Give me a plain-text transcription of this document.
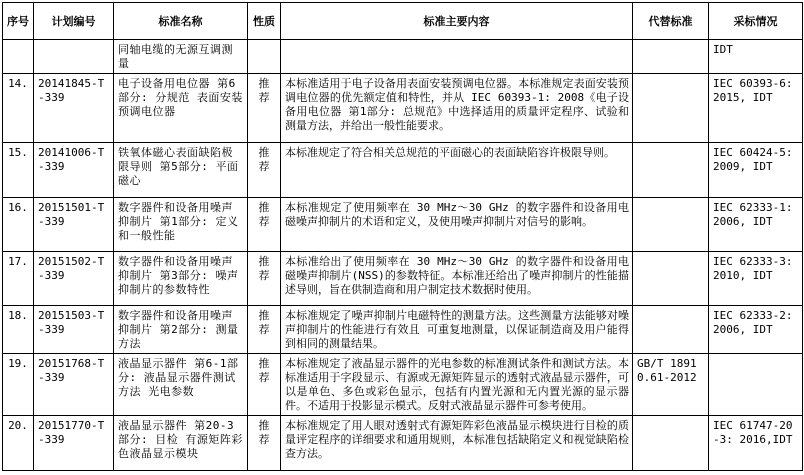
序号	计划编号	标准名称	性质	标准主要内容	代替标准	采标情况
		同轴电缆的无源互调测量				IDT
14.	20141845-T-339	电子设备用电位器 第6部分: 分规范 表面安装预调电位器	推荐	本标准适用于电子设备用表面安装预调电位器。本标准规定表面安装预调电位器的优先额定值和特性，并从 IEC 60393-1: 2008《电子设备用电位器 第1部分: 总规范》中选择适用的质量评定程序、试验和测量方法，并给出一般性能要求。		IEC 60393-6:2015, IDT
15.	20141006-T-339	铁氧体磁心表面缺陷极限导则 第5部分: 平面磁心	推荐	本标准规定了符合相关总规范的平面磁心的表面缺陷容许极限导则。		IEC 60424-5:2009, IDT
16.	20151501-T-339	数字器件和设备用噪声抑制片 第1部分: 定义和一般性能	推荐	本标准规定了使用频率在 30 MHz～30 GHz 的数字器件和设备用电磁噪声抑制片的术语和定义，及使用噪声抑制片对信号的影响。		IEC 62333-1:2006, IDT
17.	20151502-T-339	数字器件和设备用噪声抑制片 第3部分: 噪声抑制片的参数特性	推荐	本标准给出了使用频率在 30 MHz～30 GHz 的数字器件和设备用电磁噪声抑制片(NSS)的参数特征。本标准还给出了噪声抑制片的性能描述导则，旨在供制造商和用户制定技术数据时使用。		IEC 62333-3:2010, IDT
18.	20151503-T-339	数字器件和设备用噪声抑制片 第2部分: 测量方法	推荐	本标准规定了噪声抑制片电磁特性的测量方法。这些测量方法能够对噪声抑制片的性能进行有效且 可重复地测量，以保证制造商及用户能得到相同的测量结果。		IEC 62333-2:2006, IDT
19.	20151768-T-339	液晶显示器件 第6-1部分: 液晶显示器件测试方法 光电参数	推荐	本标准规定了液晶显示器件的光电参数的标准测试条件和测试方法。本标准适用于字段显示、有源或无源矩阵显示的透射式液晶显示器件，可以是单色、多色或彩色显示，包括有内置光源和无内置光源的显示器件。不适用于投影显示模式。反射式液晶显示器件可参考使用。	GB/T 18910.61-2012	
20.	20151770-T-339	液晶显示器件 第20-3部分: 目检 有源矩阵彩色液晶显示模块	推荐	本标准规定了用人眼对透射式有源矩阵彩色液晶显示模块进行目检的质量评定程序的详细要求和通用规则，本标准包括缺陷定义和视觉缺陷检查方法。		IEC 61747-20-3: 2016,IDT
